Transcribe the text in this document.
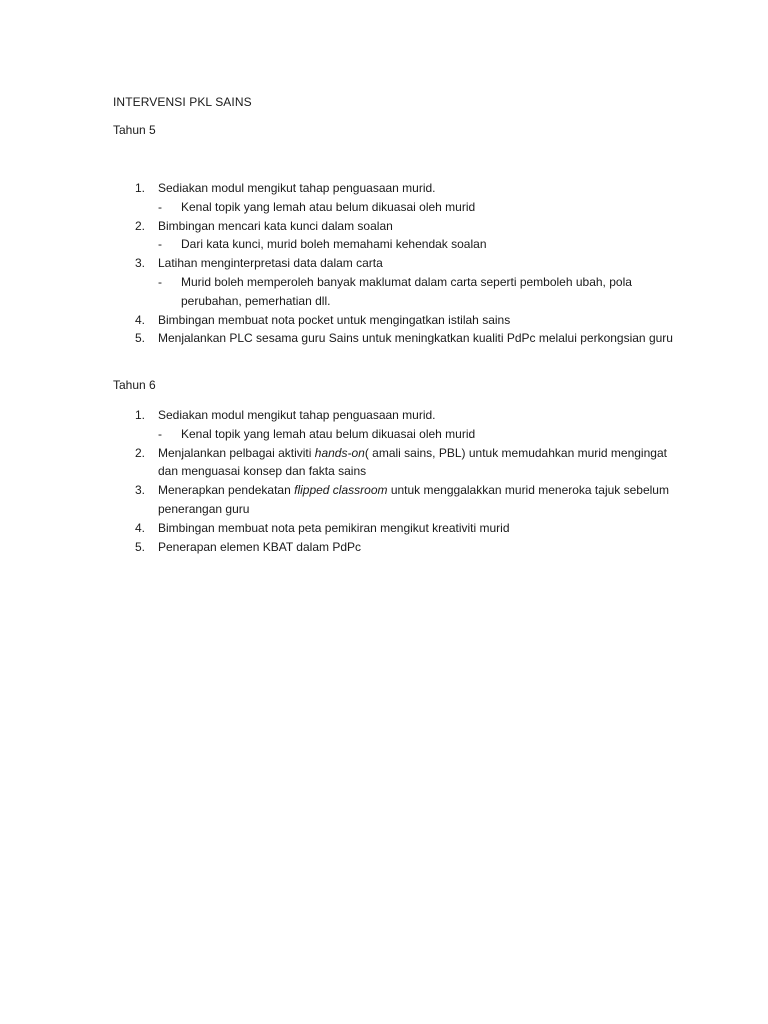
INTERVENSI PKL SAINS
Tahun 5
1.	Sediakan modul mengikut tahap penguasaan murid.
- Kenal topik yang lemah atau belum dikuasai oleh murid
2.	Bimbingan mencari kata kunci dalam soalan
- Dari kata kunci, murid boleh memahami kehendak soalan
3.	Latihan menginterpretasi data dalam carta
- Murid boleh memperoleh banyak maklumat dalam carta seperti pemboleh ubah, pola perubahan, pemerhatian dll.
4.	Bimbingan membuat nota pocket untuk mengingatkan istilah sains
5.	Menjalankan PLC sesama guru Sains untuk meningkatkan kualiti PdPc melalui perkongsian guru
Tahun 6
1.	Sediakan modul mengikut tahap penguasaan murid.
- Kenal topik yang lemah atau belum dikuasai oleh murid
2.	Menjalankan pelbagai aktiviti hands-on( amali sains, PBL) untuk memudahkan murid mengingat dan menguasai konsep dan fakta sains
3.	Menerapkan pendekatan flipped classroom untuk menggalakkan murid meneroka tajuk sebelum penerangan guru
4.	Bimbingan membuat nota peta pemikiran mengikut kreativiti murid
5.	Penerapan elemen KBAT dalam PdPc
